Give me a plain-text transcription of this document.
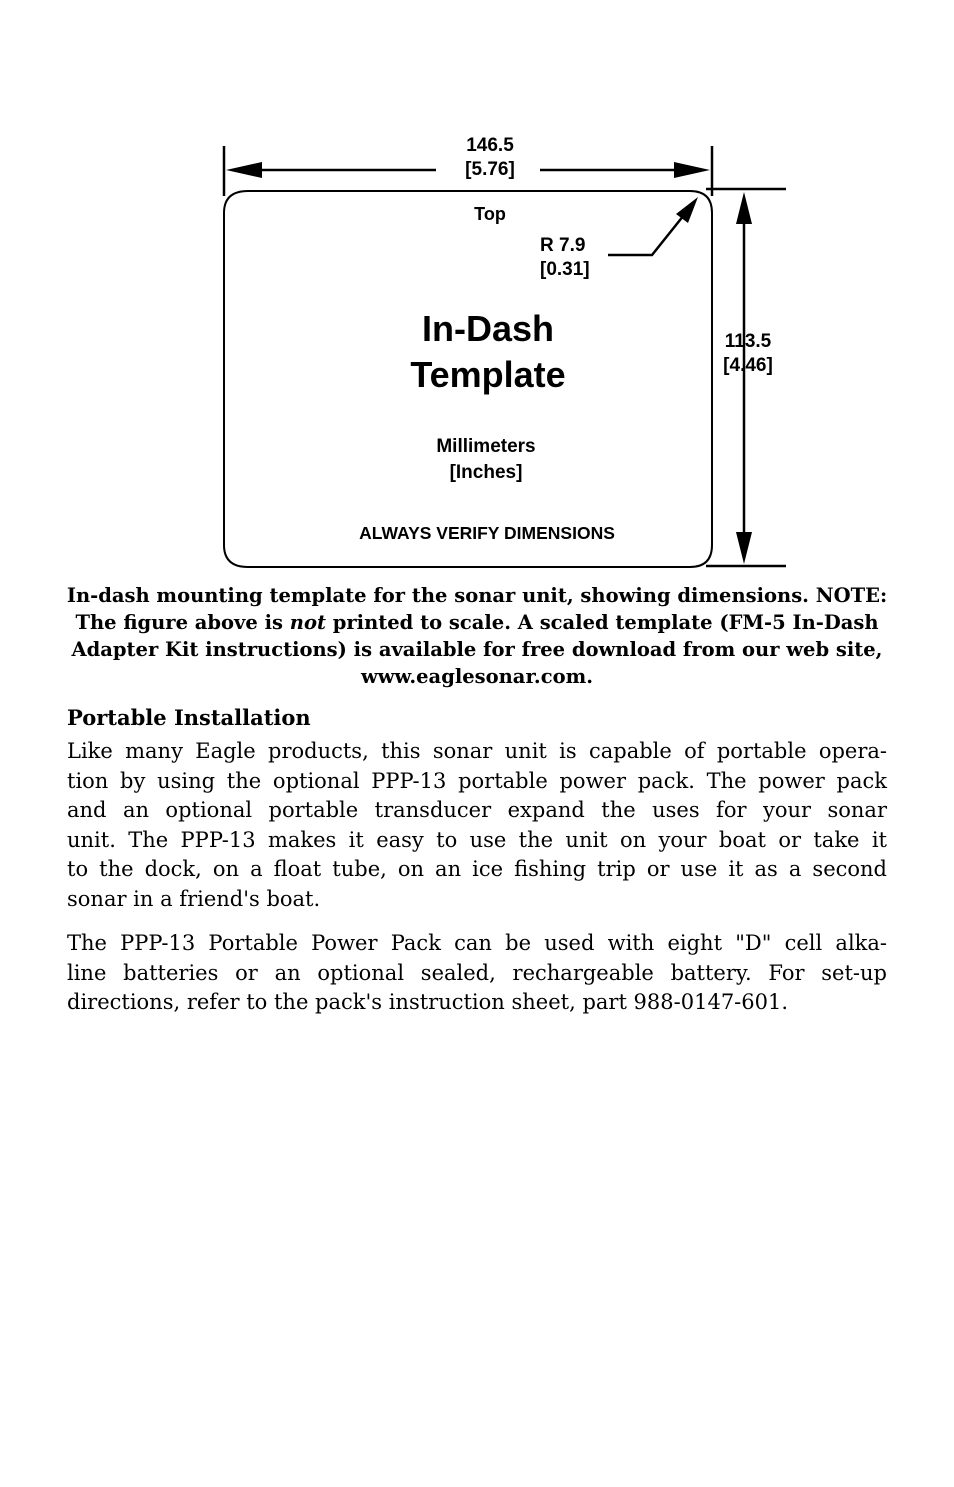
146.5
[5.76]
Top
R 7.9
[0.31]
In-Dash
Template
113.5
[4.46]
Millimeters
[Inches]
ALWAYS VERIFY DIMENSIONS
In-dash mounting template for the sonar unit, showing dimensions. NOTE: The figure above is not printed to scale. A scaled template (FM-5 In-Dash Adapter Kit instructions) is available for free download from our web site, www.eaglesonar.com.
Portable Installation
Like many Eagle products, this sonar unit is capable of portable opera-
tion by using the optional PPP-13 portable power pack. The power pack
and an optional portable transducer expand the uses for your sonar
unit. The PPP-13 makes it easy to use the unit on your boat or take it
to the dock, on a float tube, on an ice fishing trip or use it as a second
sonar in a friend's boat.
The PPP-13 Portable Power Pack can be used with eight "D" cell alka-
line batteries or an optional sealed, rechargeable battery. For set-up
directions, refer to the pack's instruction sheet, part 988-0147-601.
